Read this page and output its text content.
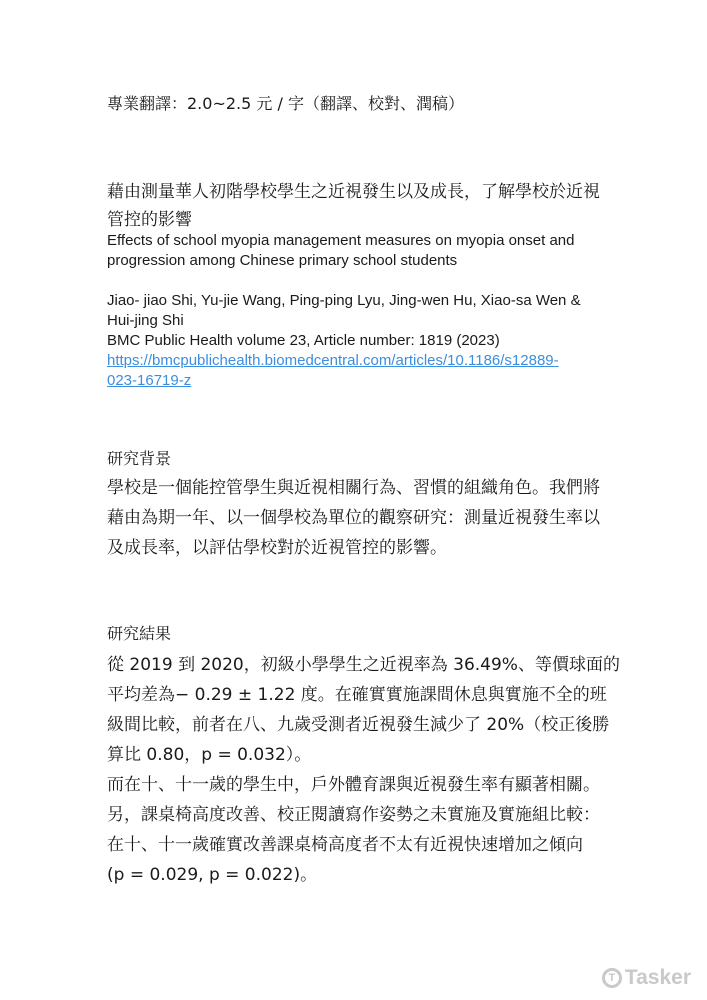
專業翻譯：2.0~2.5 元 / 字（翻譯、校對、潤稿）
藉由測量華人初階學校學生之近視發生以及成長，了解學校於近視
管控的影響
Effects of school myopia management measures on myopia onset and
progression among Chinese primary school students
Jiao- jiao Shi, Yu-jie Wang, Ping-ping Lyu, Jing-wen Hu, Xiao-sa Wen &
Hui-jing Shi
BMC Public Health volume 23, Article number: 1819 (2023)
https://bmcpublichealth.biomedcentral.com/articles/10.1186/s12889-
023-16719-z
研究背景
學校是一個能控管學生與近視相關行為、習慣的組織角色。我們將
藉由為期一年、以一個學校為單位的觀察研究：測量近視發生率以
及成長率，以評估學校對於近視管控的影響。
研究結果
從 2019 到 2020，初級小學學生之近視率為 36.49%、等價球面的
平均差為− 0.29 ± 1.22 度。在確實實施課間休息與實施不全的班
級間比較，前者在八、九歲受測者近視發生減少了 20%（校正後勝
算比 0.80，p = 0.032）。
而在十、十一歲的學生中，戶外體育課與近視發生率有顯著相關。
另，課桌椅高度改善、校正閱讀寫作姿勢之未實施及實施組比較：
在十、十一歲確實改善課桌椅高度者不太有近視快速增加之傾向
(p = 0.029, p = 0.022)。
T Tasker
